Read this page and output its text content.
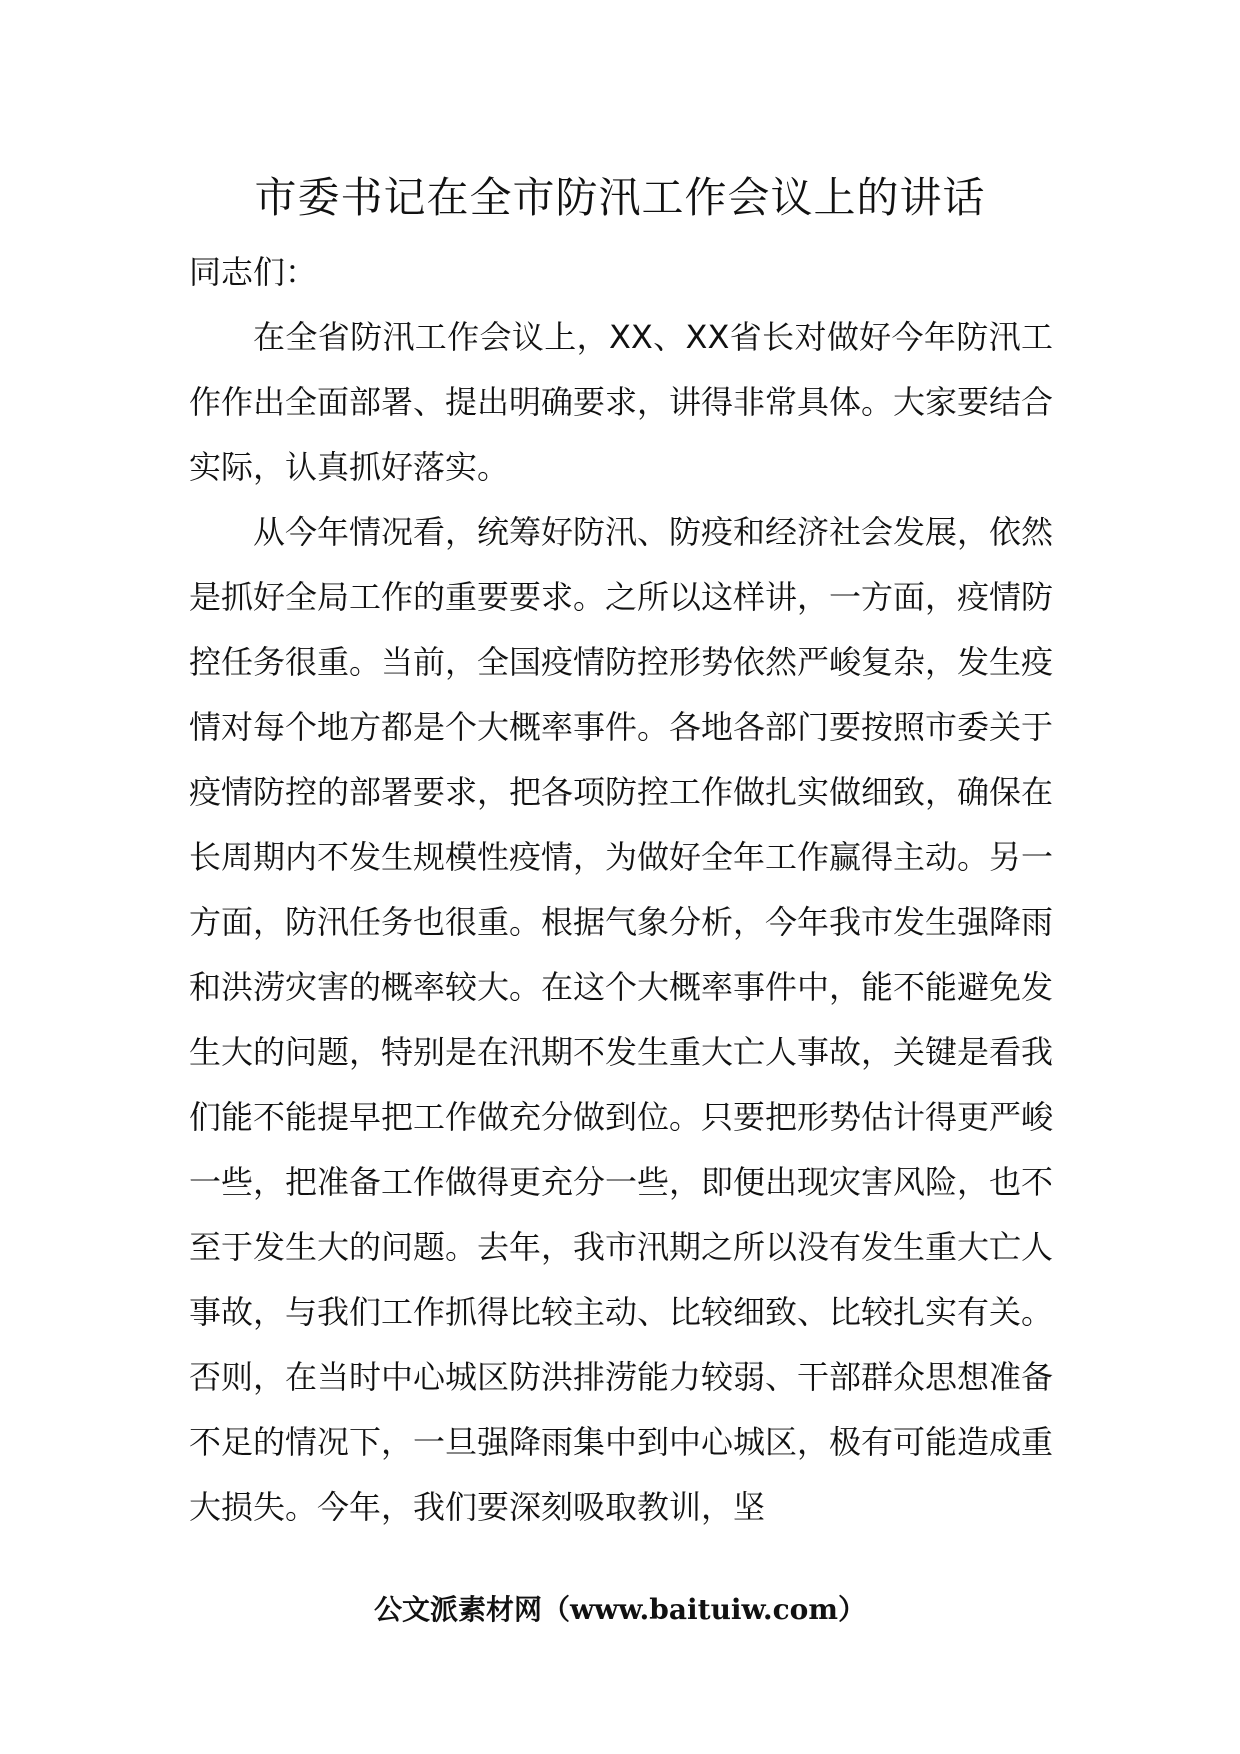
市委书记在全市防汛工作会议上的讲话

同志们：

在全省防汛工作会议上，XX、XX省长对做好今年防汛工作作出全面部署、提出明确要求，讲得非常具体。大家要结合实际，认真抓好落实。

从今年情况看，统筹好防汛、防疫和经济社会发展，依然是抓好全局工作的重要要求。之所以这样讲，一方面，疫情防控任务很重。当前，全国疫情防控形势依然严峻复杂，发生疫情对每个地方都是个大概率事件。各地各部门要按照市委关于疫情防控的部署要求，把各项防控工作做扎实做细致，确保在长周期内不发生规模性疫情，为做好全年工作赢得主动。另一方面，防汛任务也很重。根据气象分析，今年我市发生强降雨和洪涝灾害的概率较大。在这个大概率事件中，能不能避免发生大的问题，特别是在汛期不发生重大亡人事故，关键是看我们能不能提早把工作做充分做到位。只要把形势估计得更严峻一些，把准备工作做得更充分一些，即便出现灾害风险，也不至于发生大的问题。去年，我市汛期之所以没有发生重大亡人事故，与我们工作抓得比较主动、比较细致、比较扎实有关。否则，在当时中心城区防洪排涝能力较弱、干部群众思想准备不足的情况下，一旦强降雨集中到中心城区，极有可能造成重大损失。今年，我们要深刻吸取教训，坚

公文派素材网（www.baituiw.com）
